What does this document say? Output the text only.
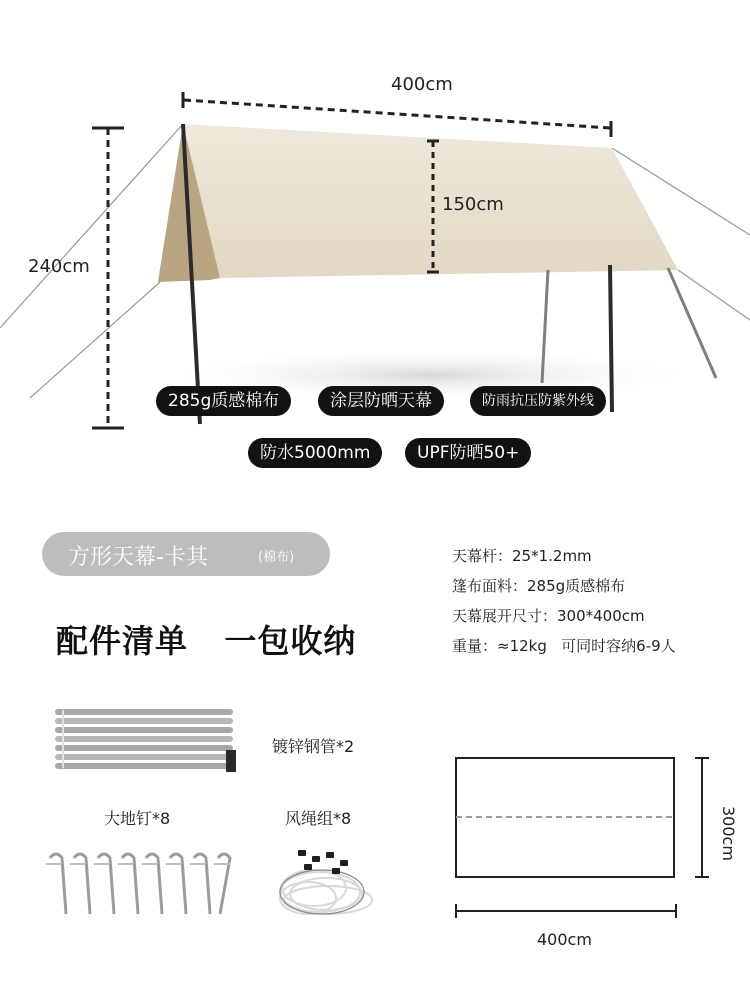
400cm
240cm
150cm
285g质感棉布	涂层防晒天幕	防雨抗压防紫外线
防水5000mm	UPF防晒50+
方形天幕-卡其	(棉布)
配件清单   一包收纳
天幕杆：25*1.2mm
篷布面料：285g质感棉布
天幕展开尺寸：300*400cm
重量：≈12kg   可同时容纳6-9人
镀锌钢管*2
大地钉*8	风绳组*8
400cm
300cm
